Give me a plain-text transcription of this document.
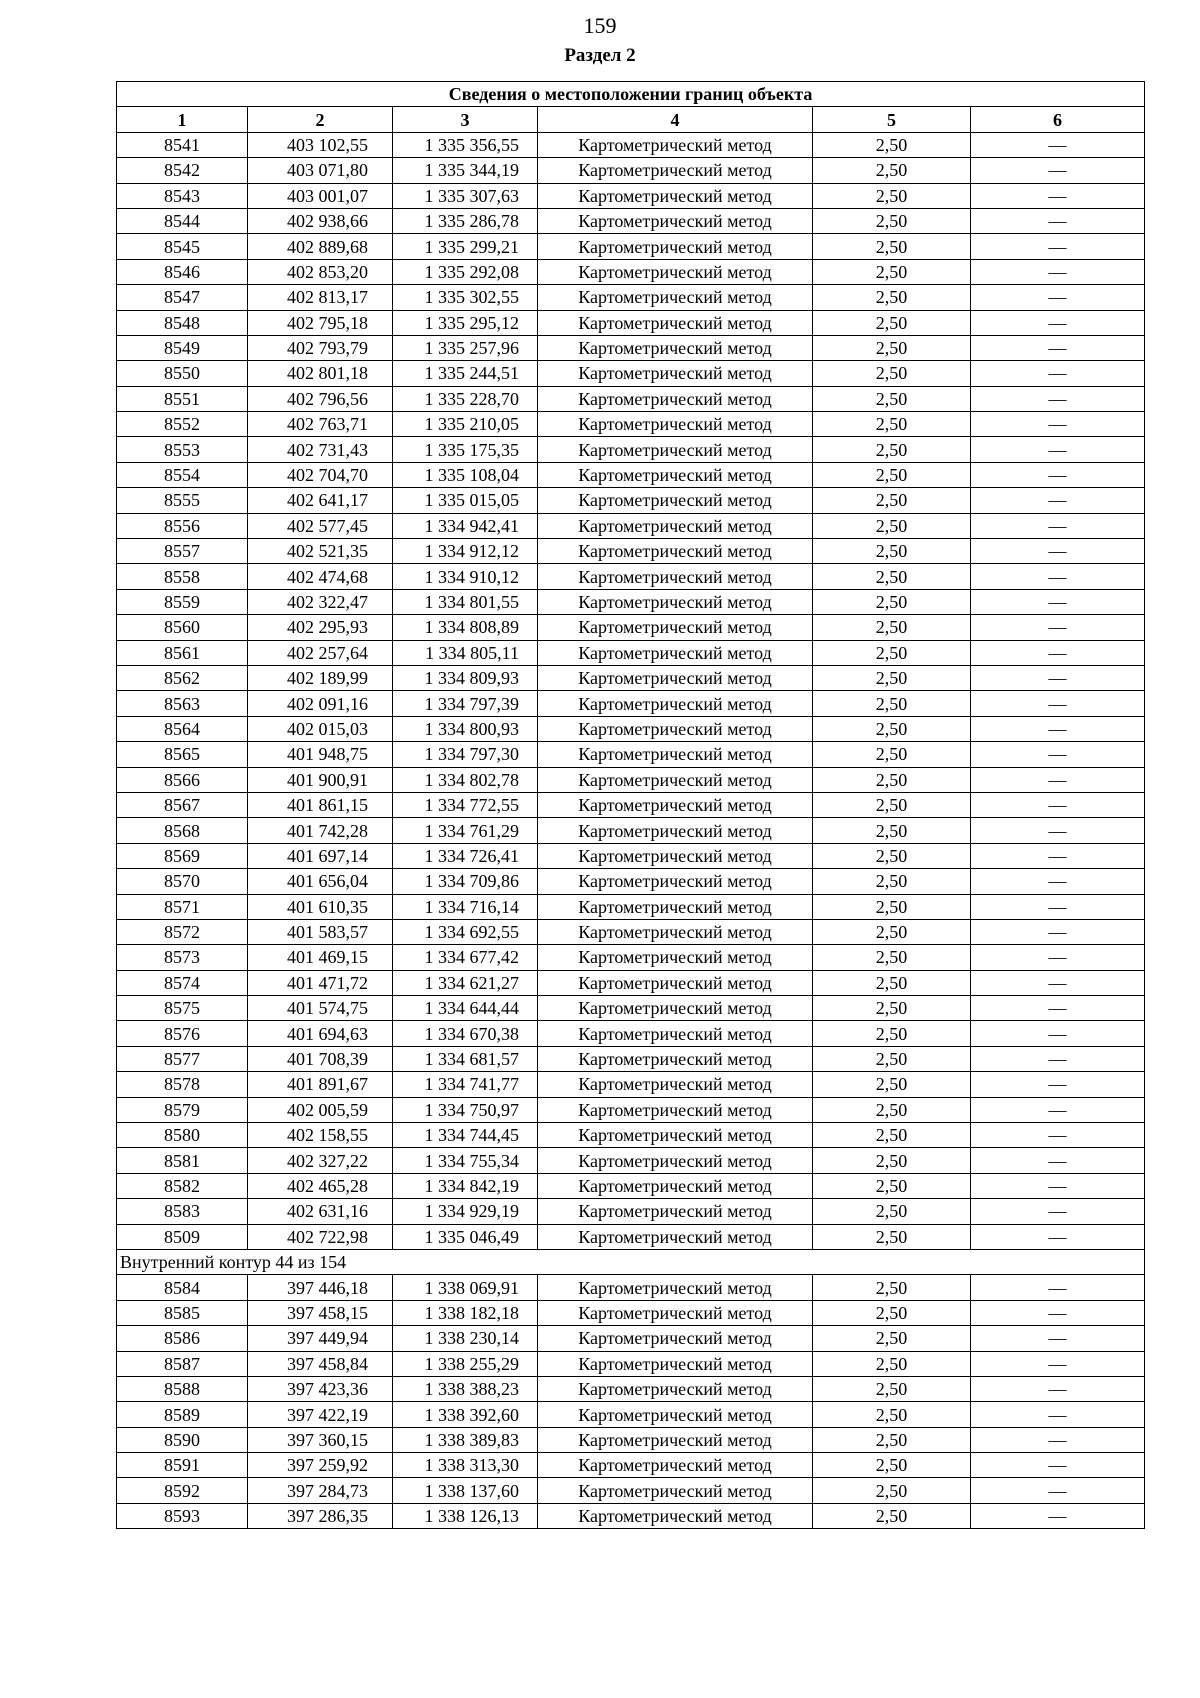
159
Раздел 2
Сведения о местоположении границ объекта					
1	2	3	4	5	6
8541	403 102,55	1 335 356,55	Картометрический метод	2,50	—
8542	403 071,80	1 335 344,19	Картометрический метод	2,50	—
8543	403 001,07	1 335 307,63	Картометрический метод	2,50	—
8544	402 938,66	1 335 286,78	Картометрический метод	2,50	—
8545	402 889,68	1 335 299,21	Картометрический метод	2,50	—
8546	402 853,20	1 335 292,08	Картометрический метод	2,50	—
8547	402 813,17	1 335 302,55	Картометрический метод	2,50	—
8548	402 795,18	1 335 295,12	Картометрический метод	2,50	—
8549	402 793,79	1 335 257,96	Картометрический метод	2,50	—
8550	402 801,18	1 335 244,51	Картометрический метод	2,50	—
8551	402 796,56	1 335 228,70	Картометрический метод	2,50	—
8552	402 763,71	1 335 210,05	Картометрический метод	2,50	—
8553	402 731,43	1 335 175,35	Картометрический метод	2,50	—
8554	402 704,70	1 335 108,04	Картометрический метод	2,50	—
8555	402 641,17	1 335 015,05	Картометрический метод	2,50	—
8556	402 577,45	1 334 942,41	Картометрический метод	2,50	—
8557	402 521,35	1 334 912,12	Картометрический метод	2,50	—
8558	402 474,68	1 334 910,12	Картометрический метод	2,50	—
8559	402 322,47	1 334 801,55	Картометрический метод	2,50	—
8560	402 295,93	1 334 808,89	Картометрический метод	2,50	—
8561	402 257,64	1 334 805,11	Картометрический метод	2,50	—
8562	402 189,99	1 334 809,93	Картометрический метод	2,50	—
8563	402 091,16	1 334 797,39	Картометрический метод	2,50	—
8564	402 015,03	1 334 800,93	Картометрический метод	2,50	—
8565	401 948,75	1 334 797,30	Картометрический метод	2,50	—
8566	401 900,91	1 334 802,78	Картометрический метод	2,50	—
8567	401 861,15	1 334 772,55	Картометрический метод	2,50	—
8568	401 742,28	1 334 761,29	Картометрический метод	2,50	—
8569	401 697,14	1 334 726,41	Картометрический метод	2,50	—
8570	401 656,04	1 334 709,86	Картометрический метод	2,50	—
8571	401 610,35	1 334 716,14	Картометрический метод	2,50	—
8572	401 583,57	1 334 692,55	Картометрический метод	2,50	—
8573	401 469,15	1 334 677,42	Картометрический метод	2,50	—
8574	401 471,72	1 334 621,27	Картометрический метод	2,50	—
8575	401 574,75	1 334 644,44	Картометрический метод	2,50	—
8576	401 694,63	1 334 670,38	Картометрический метод	2,50	—
8577	401 708,39	1 334 681,57	Картометрический метод	2,50	—
8578	401 891,67	1 334 741,77	Картометрический метод	2,50	—
8579	402 005,59	1 334 750,97	Картометрический метод	2,50	—
8580	402 158,55	1 334 744,45	Картометрический метод	2,50	—
8581	402 327,22	1 334 755,34	Картометрический метод	2,50	—
8582	402 465,28	1 334 842,19	Картометрический метод	2,50	—
8583	402 631,16	1 334 929,19	Картометрический метод	2,50	—
8509	402 722,98	1 335 046,49	Картометрический метод	2,50	—
Внутренний контур 44 из 154					
8584	397 446,18	1 338 069,91	Картометрический метод	2,50	—
8585	397 458,15	1 338 182,18	Картометрический метод	2,50	—
8586	397 449,94	1 338 230,14	Картометрический метод	2,50	—
8587	397 458,84	1 338 255,29	Картометрический метод	2,50	—
8588	397 423,36	1 338 388,23	Картометрический метод	2,50	—
8589	397 422,19	1 338 392,60	Картометрический метод	2,50	—
8590	397 360,15	1 338 389,83	Картометрический метод	2,50	—
8591	397 259,92	1 338 313,30	Картометрический метод	2,50	—
8592	397 284,73	1 338 137,60	Картометрический метод	2,50	—
8593	397 286,35	1 338 126,13	Картометрический метод	2,50	—
